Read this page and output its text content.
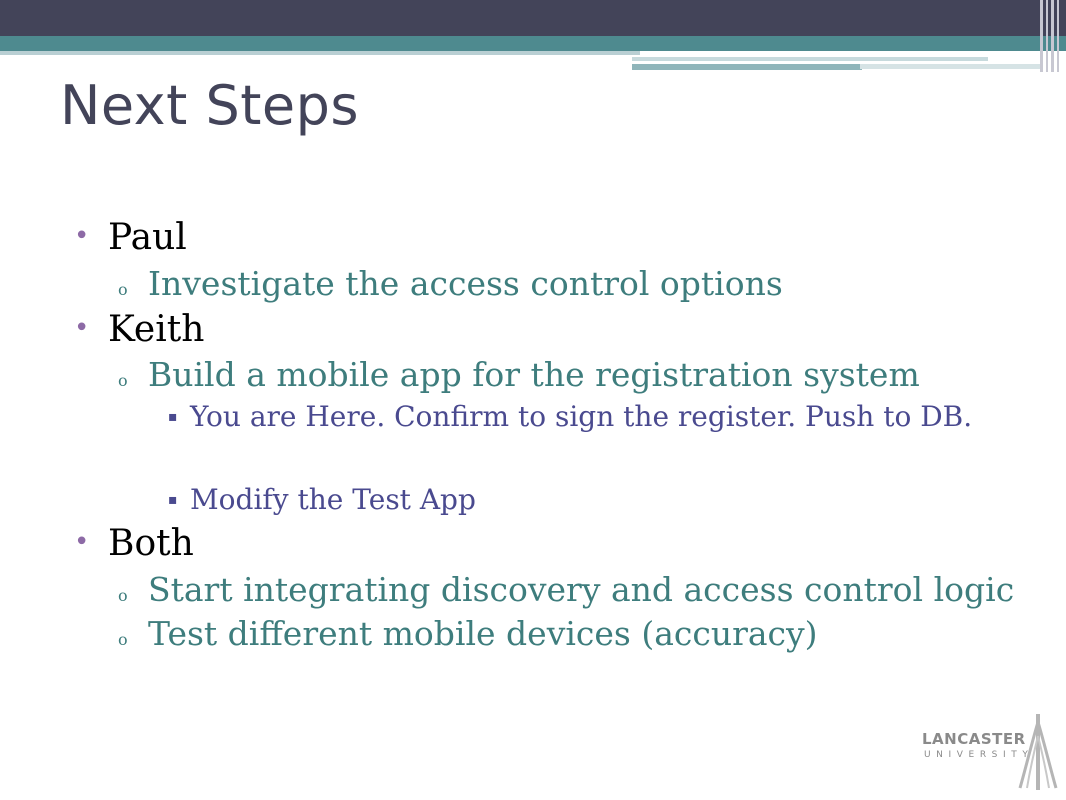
Next Steps
• Paul
o Investigate the access control options
• Keith
o Build a mobile app for the registration system
▪ You are Here. Confirm to sign the register. Push to DB.
▪ Modify the Test App
• Both
o Start integrating discovery and access control logic
o Test different mobile devices (accuracy)
LANCASTER
UNIVERSITY
